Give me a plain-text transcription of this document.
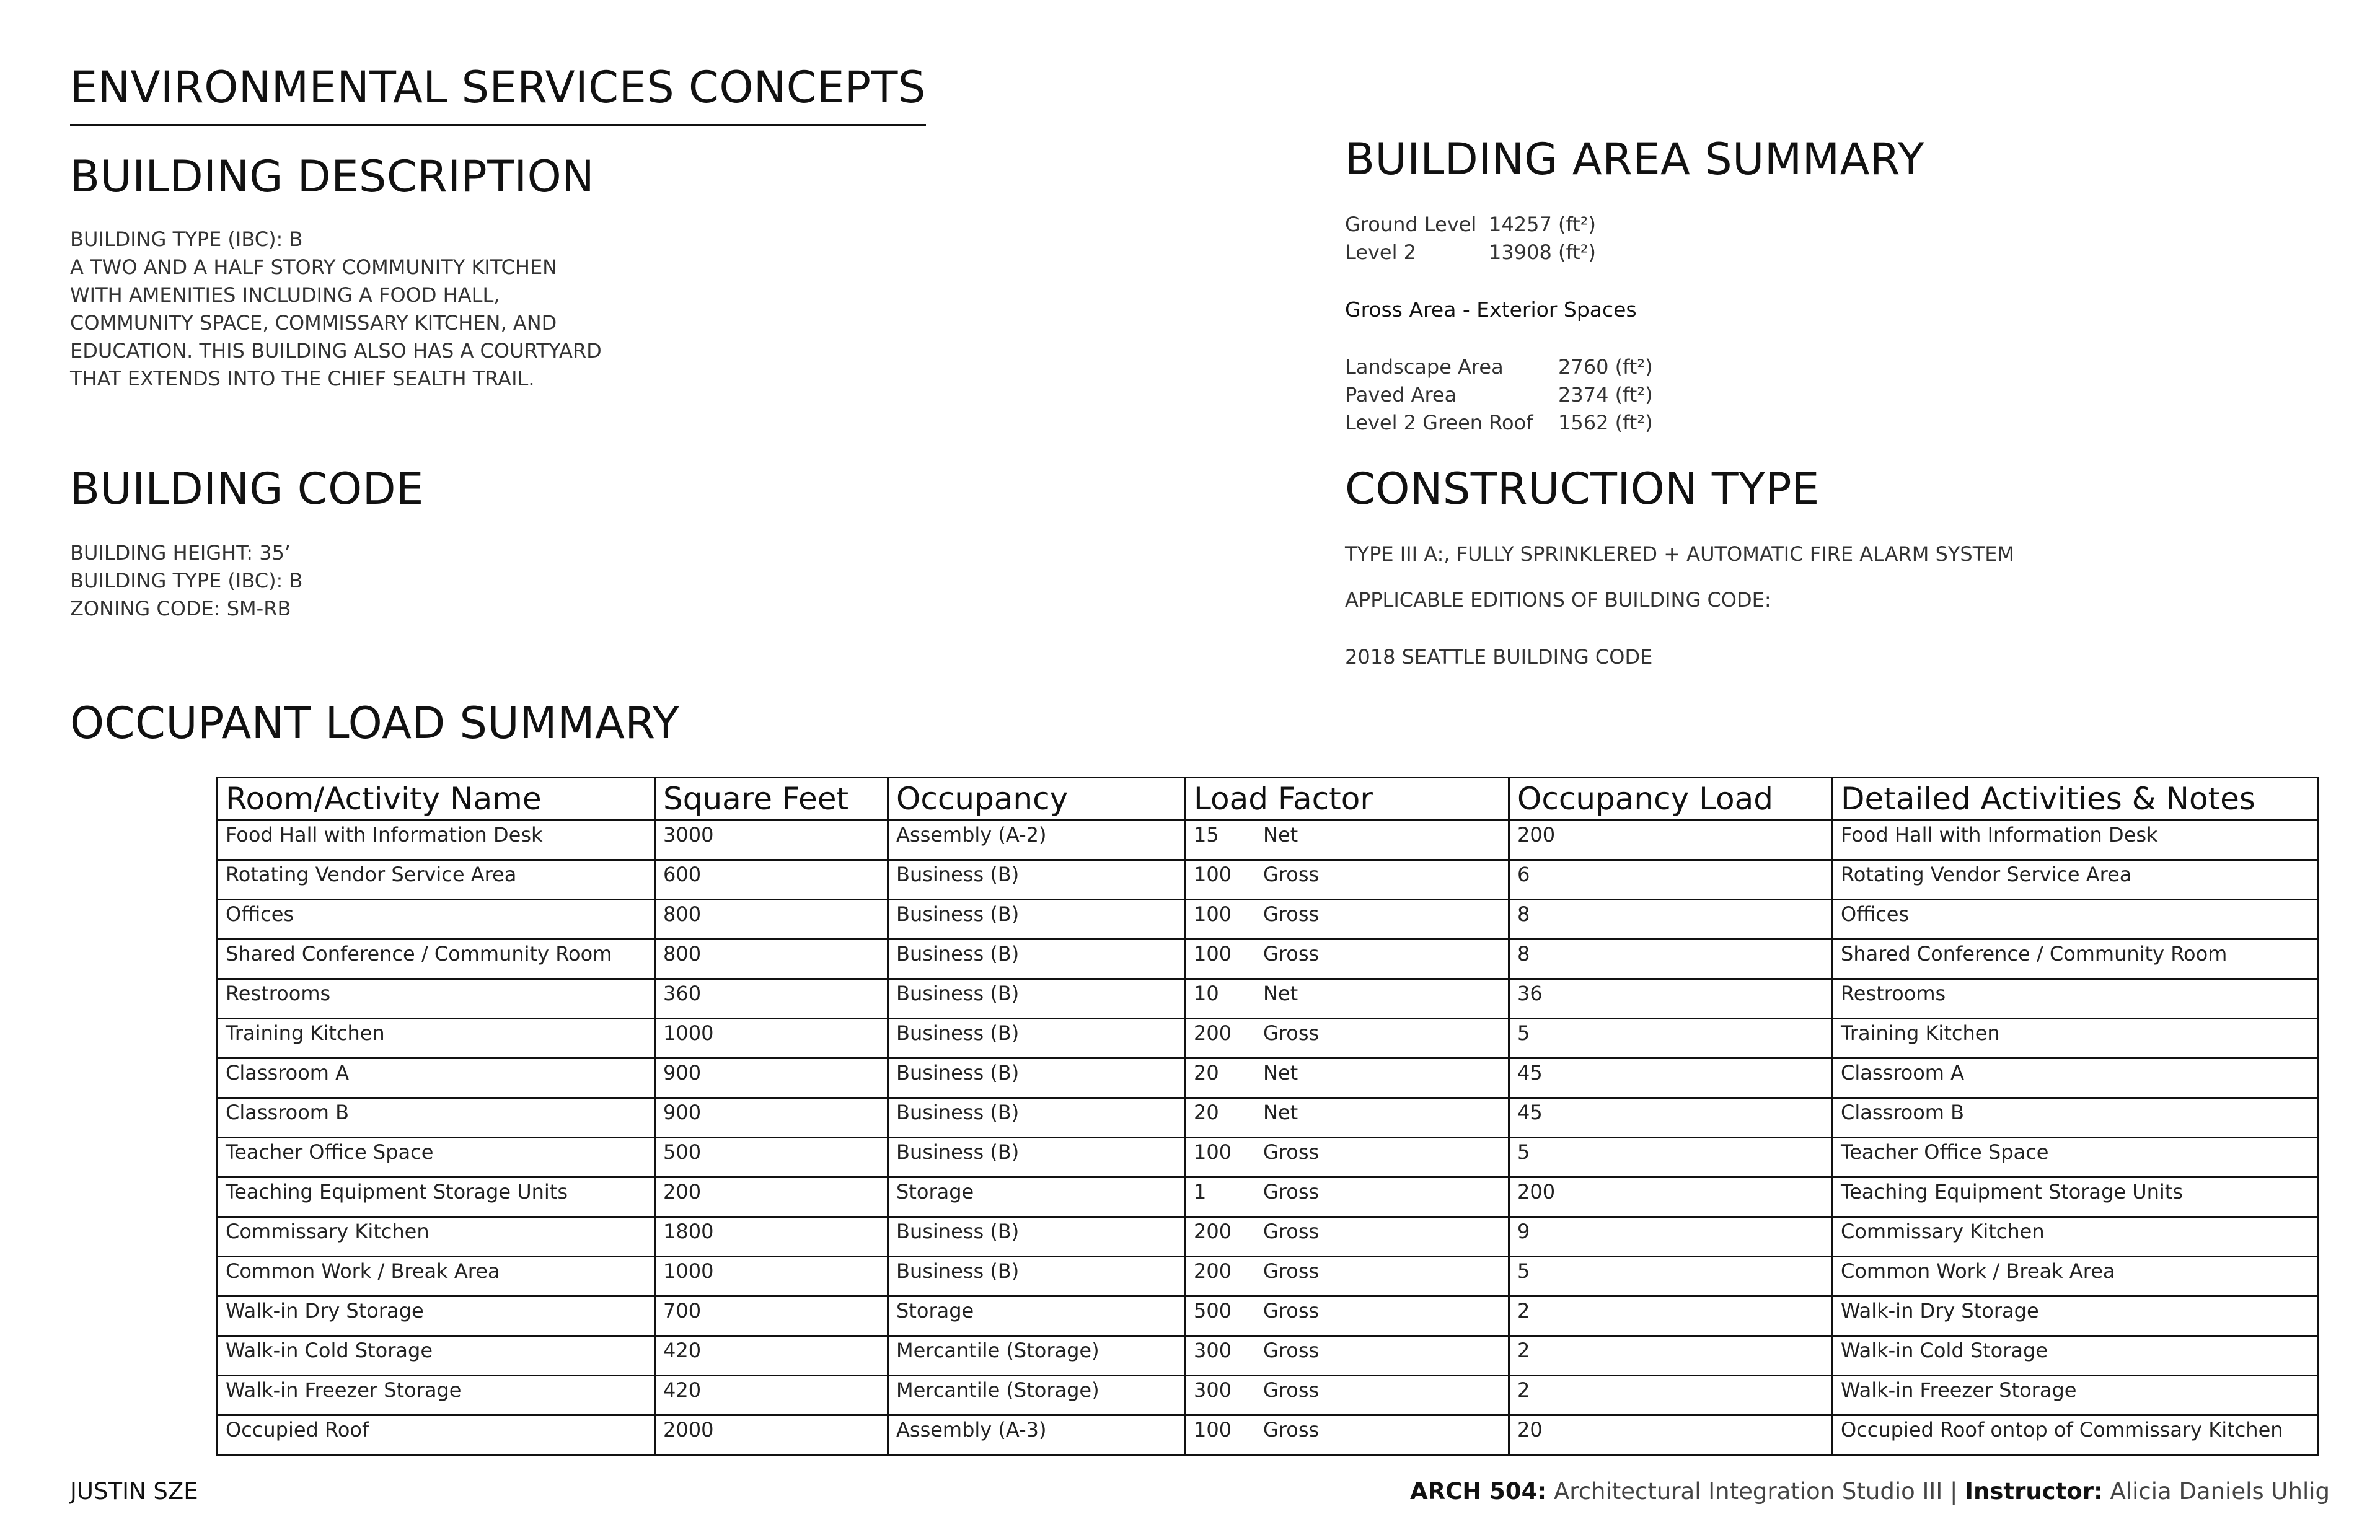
ENVIRONMENTAL SERVICES CONCEPTS
BUILDING DESCRIPTION
BUILDING TYPE (IBC): B
A TWO AND A HALF STORY COMMUNITY KITCHEN
WITH AMENITIES INCLUDING A FOOD HALL,
COMMUNITY SPACE, COMMISSARY KITCHEN, AND
EDUCATION. THIS BUILDING ALSO HAS A COURTYARD
THAT EXTENDS INTO THE CHIEF SEALTH TRAIL.
BUILDING CODE
BUILDING HEIGHT: 35’
BUILDING TYPE (IBC): B
ZONING CODE: SM-RB
BUILDING AREA SUMMARY
Ground Level 14257 (ft²)
Level 2	13908 (ft²)
Gross Area - Exterior Spaces
Landscape Area	2760 (ft²)
Paved Area	2374 (ft²)
Level 2 Green Roof 1562 (ft²)
CONSTRUCTION TYPE
TYPE III A:, FULLY SPRINKLERED + AUTOMATIC FIRE ALARM SYSTEM
APPLICABLE EDITIONS OF BUILDING CODE:
2018 SEATTLE BUILDING CODE
OCCUPANT LOAD SUMMARY
Room/Activity Name	Square Feet	Occupancy	Load Factor	Occupancy Load	Detailed Activities & Notes
Food Hall with Information Desk	3000	Assembly (A-2)	15 Net	200	Food Hall with Information Desk
Rotating Vendor Service Area	600	Business (B)	100 Gross	6	Rotating Vendor Service Area
Offices	800	Business (B)	100 Gross	8	Offices
Shared Conference / Community Room	800	Business (B)	100 Gross	8	Shared Conference / Community Room
Restrooms	360	Business (B)	10 Net	36	Restrooms
Training Kitchen	1000	Business (B)	200 Gross	5	Training Kitchen
Classroom A	900	Business (B)	20 Net	45	Classroom A
Classroom B	900	Business (B)	20 Net	45	Classroom B
Teacher Office Space	500	Business (B)	100 Gross	5	Teacher Office Space
Teaching Equipment Storage Units	200	Storage	1 Gross	200	Teaching Equipment Storage Units
Commissary Kitchen	1800	Business (B)	200 Gross	9	Commissary Kitchen
Common Work / Break Area	1000	Business (B)	200 Gross	5	Common Work / Break Area
Walk-in Dry Storage	700	Storage	500 Gross	2	Walk-in Dry Storage
Walk-in Cold Storage	420	Mercantile (Storage)	300 Gross	2	Walk-in Cold Storage
Walk-in Freezer Storage	420	Mercantile (Storage)	300 Gross	2	Walk-in Freezer Storage
Occupied Roof	2000	Assembly (A-3)	100 Gross	20	Occupied Roof ontop of Commissary Kitchen
JUSTIN SZE	ARCH 504: Architectural Integration Studio III | Instructor: Alicia Daniels Uhlig
